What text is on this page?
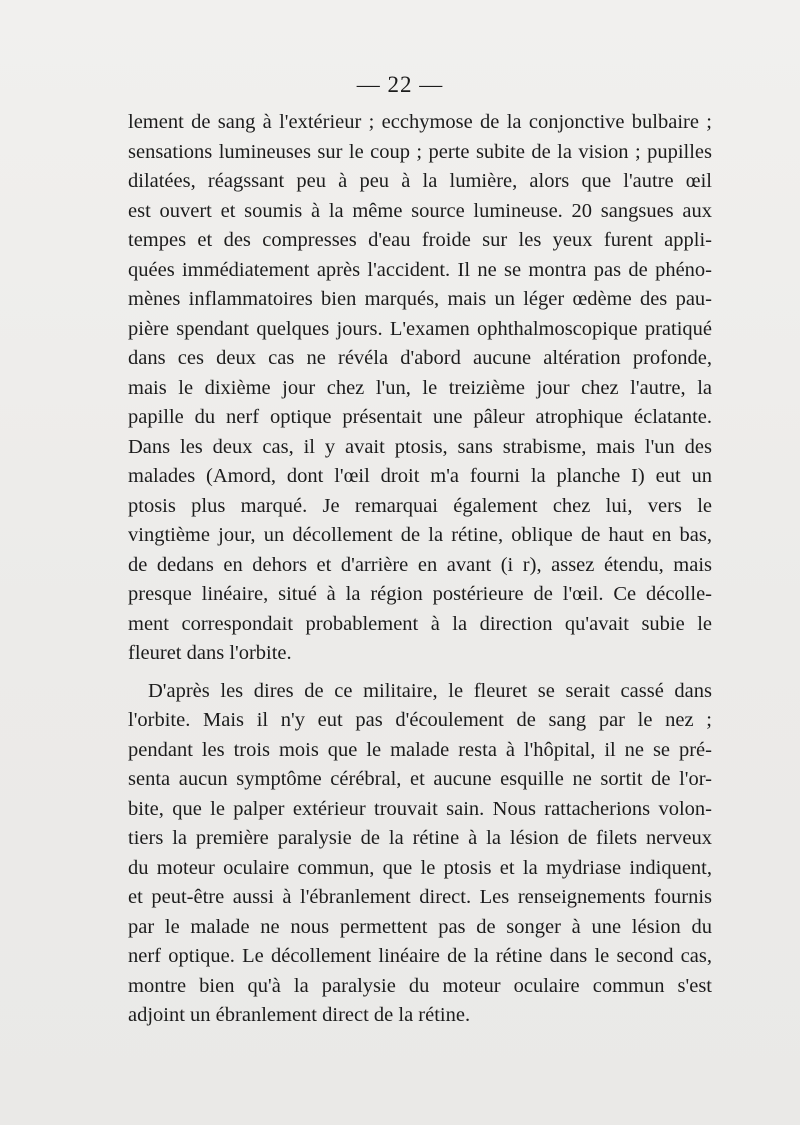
— 22 —
lement de sang à l'extérieur ; ecchymose de la conjonctive bulbaire ;
sensations lumineuses sur le coup ; perte subite de la vision ; pupilles
dilatées, réagssant peu à peu à la lumière, alors que l'autre œil
est ouvert et soumis à la même source lumineuse. 20 sangsues aux
tempes et des compresses d'eau froide sur les yeux furent appli-
quées immédiatement après l'accident. Il ne se montra pas de phéno-
mènes inflammatoires bien marqués, mais un léger œdème des pau-
pière spendant quelques jours. L'examen ophthalmoscopique pratiqué
dans ces deux cas ne révéla d'abord aucune altération profonde,
mais le dixième jour chez l'un, le treizième jour chez l'autre, la
papille du nerf optique présentait une pâleur atrophique éclatante.
Dans les deux cas, il y avait ptosis, sans strabisme, mais l'un des
malades (Amord, dont l'œil droit m'a fourni la planche I) eut un
ptosis plus marqué. Je remarquai également chez lui, vers le
vingtième jour, un décollement de la rétine, oblique de haut en bas,
de dedans en dehors et d'arrière en avant (i r), assez étendu, mais
presque linéaire, situé à la région postérieure de l'œil. Ce décolle-
ment correspondait probablement à la direction qu'avait subie le
fleuret dans l'orbite.
D'après les dires de ce militaire, le fleuret se serait cassé dans
l'orbite. Mais il n'y eut pas d'écoulement de sang par le nez ;
pendant les trois mois que le malade resta à l'hôpital, il ne se pré-
senta aucun symptôme cérébral, et aucune esquille ne sortit de l'or-
bite, que le palper extérieur trouvait sain. Nous rattacherions volon-
tiers la première paralysie de la rétine à la lésion de filets nerveux
du moteur oculaire commun, que le ptosis et la mydriase indiquent,
et peut-être aussi à l'ébranlement direct. Les renseignements fournis
par le malade ne nous permettent pas de songer à une lésion du
nerf optique. Le décollement linéaire de la rétine dans le second cas,
montre bien qu'à la paralysie du moteur oculaire commun s'est
adjoint un ébranlement direct de la rétine.
